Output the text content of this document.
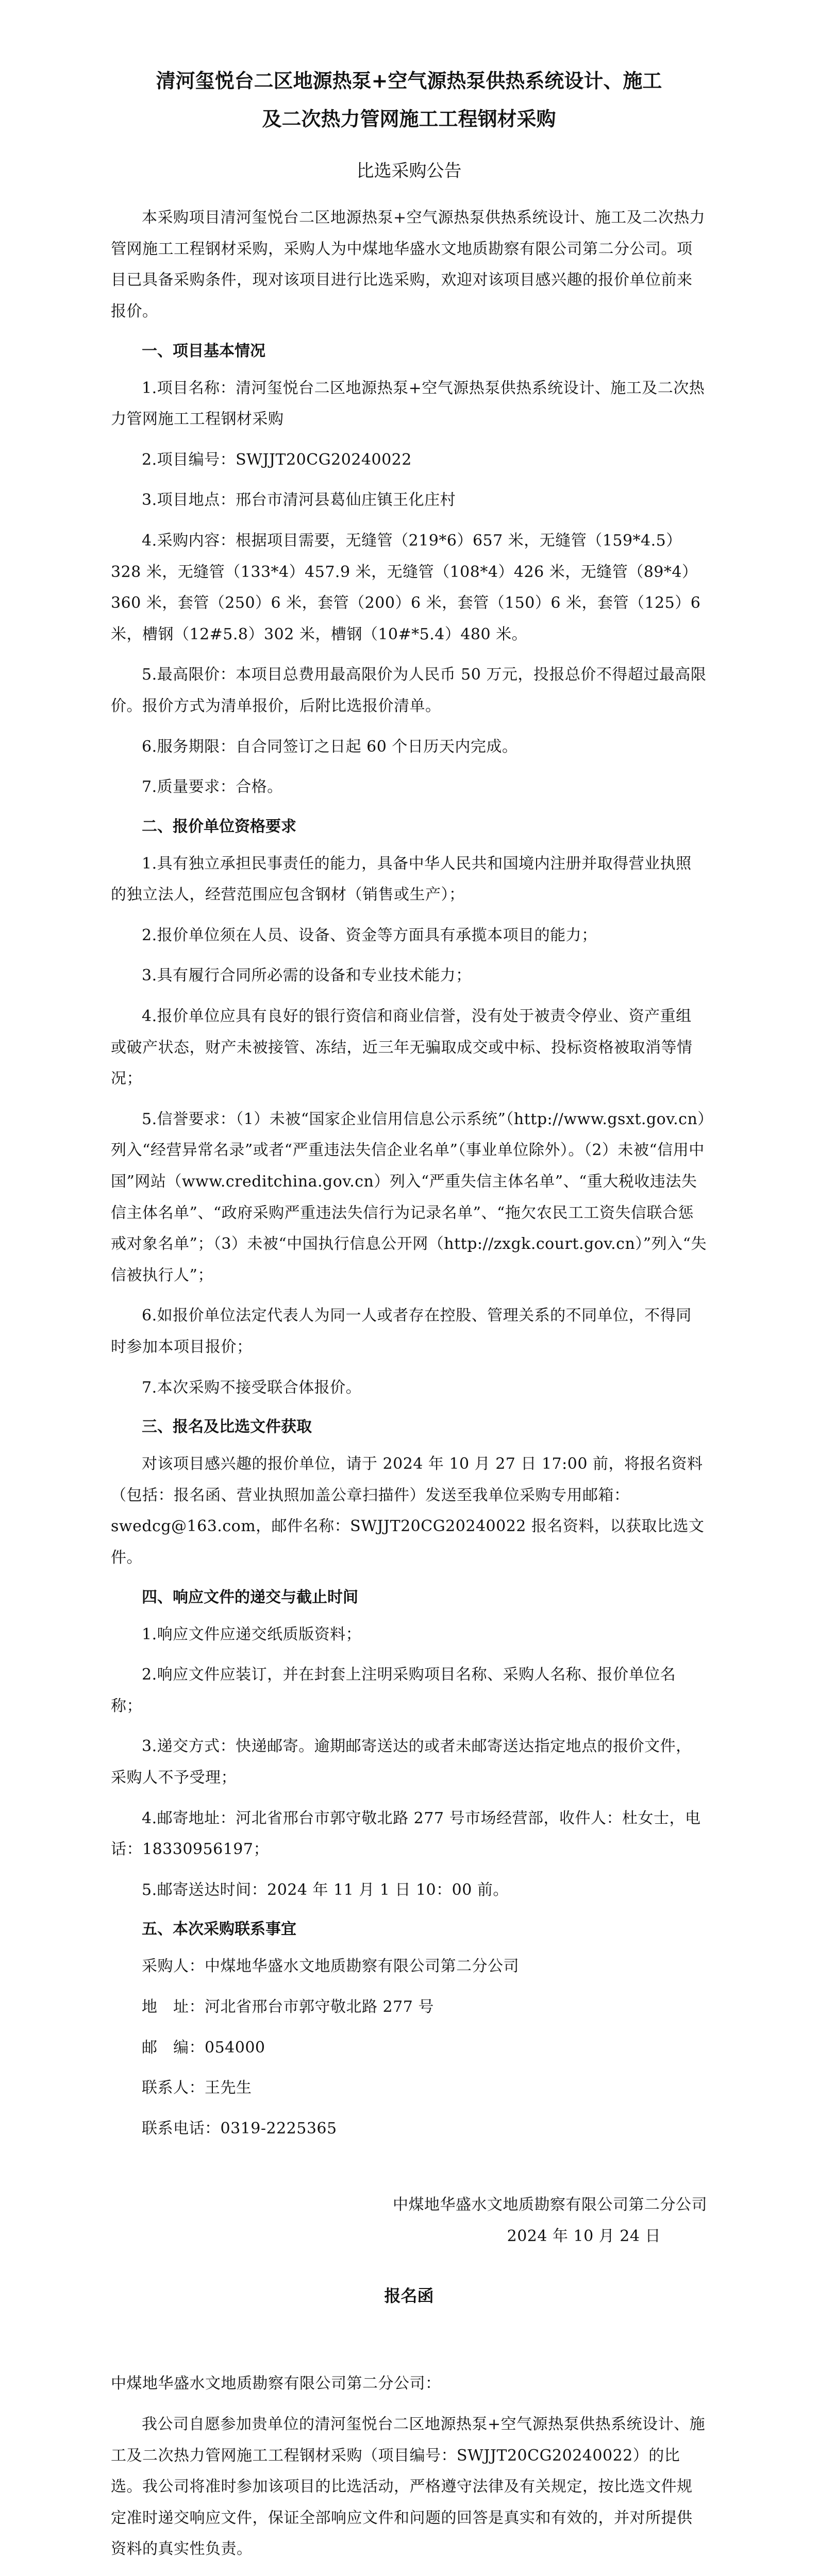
清河玺悦台二区地源热泵+空气源热泵供热系统设计、施工
及二次热力管网施工工程钢材采购
比选采购公告

本采购项目清河玺悦台二区地源热泵+空气源热泵供热系统设计、施工及二次热力管网施工工程钢材采购，采购人为中煤地华盛水文地质勘察有限公司第二分公司。项目已具备采购条件，现对该项目进行比选采购，欢迎对该项目感兴趣的报价单位前来报价。

一、项目基本情况

1.项目名称：清河玺悦台二区地源热泵+空气源热泵供热系统设计、施工及二次热力管网施工工程钢材采购

2.项目编号：SWJJT20CG20240022

3.项目地点：邢台市清河县葛仙庄镇王化庄村

4.采购内容：根据项目需要，无缝管（219*6）657 米，无缝管（159*4.5）328 米，无缝管（133*4）457.9 米，无缝管（108*4）426 米，无缝管（89*4）360 米，套管（250）6 米，套管（200）6 米，套管（150）6 米，套管（125）6 米，槽钢（12#5.8）302 米，槽钢（10#*5.4）480 米。

5.最高限价：本项目总费用最高限价为人民币 50 万元，投报总价不得超过最高限价。报价方式为清单报价，后附比选报价清单。

6.服务期限：自合同签订之日起 60 个日历天内完成。

7.质量要求：合格。

二、报价单位资格要求

1.具有独立承担民事责任的能力，具备中华人民共和国境内注册并取得营业执照的独立法人，经营范围应包含钢材（销售或生产）；

2.报价单位须在人员、设备、资金等方面具有承揽本项目的能力；

3.具有履行合同所必需的设备和专业技术能力；

4.报价单位应具有良好的银行资信和商业信誉，没有处于被责令停业、资产重组或破产状态，财产未被接管、冻结，近三年无骗取成交或中标、投标资格被取消等情况；

5.信誉要求：（1）未被“国家企业信用信息公示系统”（http://www.gsxt.gov.cn）列入“经营异常名录”或者“严重违法失信企业名单”（事业单位除外）。（2）未被“信用中国”网站（www.creditchina.gov.cn）列入“严重失信主体名单”、“重大税收违法失信主体名单”、“政府采购严重违法失信行为记录名单”、“拖欠农民工工资失信联合惩戒对象名单”；（3）未被“中国执行信息公开网（http://zxgk.court.gov.cn）”列入“失信被执行人”；

6.如报价单位法定代表人为同一人或者存在控股、管理关系的不同单位，不得同时参加本项目报价；

7.本次采购不接受联合体报价。

三、报名及比选文件获取

对该项目感兴趣的报价单位，请于 2024 年 10 月 27 日 17:00 前，将报名资料（包括：报名函、营业执照加盖公章扫描件）发送至我单位采购专用邮箱：swedcg@163.com，邮件名称：SWJJT20CG20240022 报名资料，以获取比选文件。

四、响应文件的递交与截止时间

1.响应文件应递交纸质版资料；

2.响应文件应装订，并在封套上注明采购项目名称、采购人名称、报价单位名称；

3.递交方式：快递邮寄。逾期邮寄送达的或者未邮寄送达指定地点的报价文件，采购人不予受理；

4.邮寄地址：河北省邢台市郭守敬北路 277 号市场经营部，收件人：杜女士，电话：18330956197；

5.邮寄送达时间：2024 年 11 月 1 日 10：00 前。

五、本次采购联系事宜

采购人：中煤地华盛水文地质勘察有限公司第二分公司

地　址：河北省邢台市郭守敬北路 277 号

邮　编：054000

联系人：王先生

联系电话：0319-2225365

中煤地华盛水文地质勘察有限公司第二分公司

2024 年 10 月 24 日

报名函

中煤地华盛水文地质勘察有限公司第二分公司：

我公司自愿参加贵单位的清河玺悦台二区地源热泵+空气源热泵供热系统设计、施工及二次热力管网施工工程钢材采购（项目编号：SWJJT20CG20240022）的比选。我公司将准时参加该项目的比选活动，严格遵守法律及有关规定，按比选文件规定准时递交响应文件，保证全部响应文件和问题的回答是真实和有效的，并对所提供资料的真实性负责。
